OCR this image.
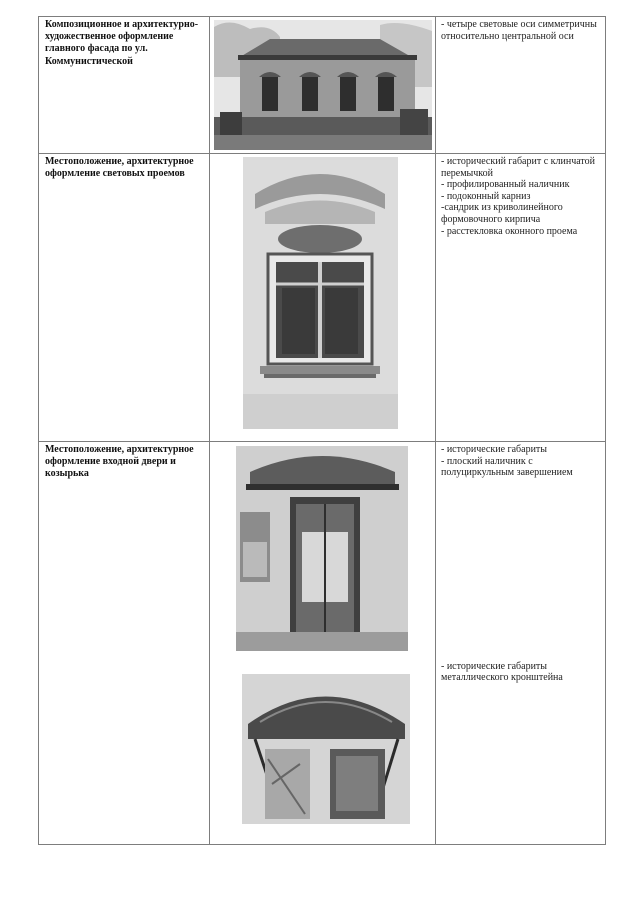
Композиционное и архитектурно-художественное оформление главного фасада по ул. Коммунистической		- четыре световые оси симметричны относительно центральной оси

Местоположение, архитектурное оформление световых проемов		- исторический габарит с клинчатой перемычкой
- профилированный наличник
- подоконный карниз
-сандрик из криволинейного формовочного кирпича
- расстекловка оконного проема

Местоположение, архитектурное оформление входной двери и козырька		- исторические габариты
- плоский наличник с полуциркульным завершением
- исторические габариты металлического кронштейна
